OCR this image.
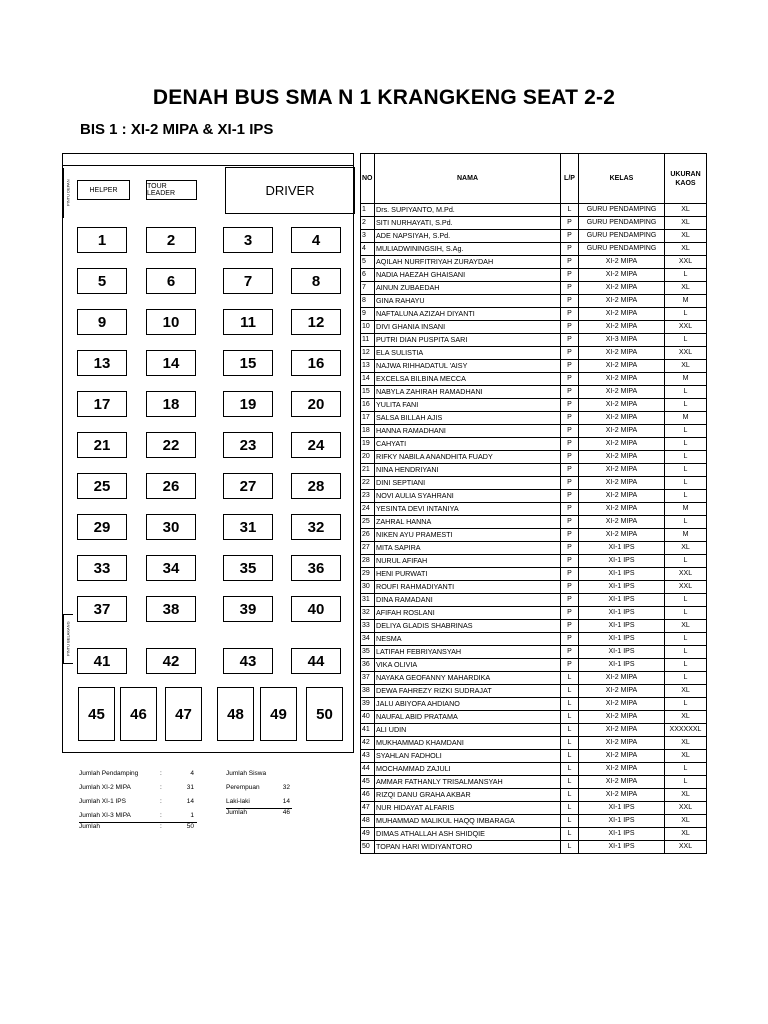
DENAH BUS SMA N 1 KRANGKENG SEAT 2-2
BIS 1 : XI-2 MIPA & XI-1 IPS
PINTU DEPAN
PINTU BELAKANG
HELPER	TOUR LEADER	DRIVER
1	2	3	4
5	6	7	8
9	10	11	12
13	14	15	16
17	18	19	20
21	22	23	24
25	26	27	28
29	30	31	32
33	34	35	36
37	38	39	40
41	42	43	44
45	46	47	48	49	50
Jumlah Pendamping	:	4
Jumlah XI-2 MIPA	:	31
Jumlah XI-1 IPS	:	14
Jumlah XI-3 MIPA	:	1
Jumlah	:	50
Jumlah Siswa
Perempuan	32
Laki-laki	14
Jumlah	46
NO	NAMA	L/P	KELAS	UKURAN KAOS
1	Drs. SUPIYANTO, M.Pd.	L	GURU PENDAMPING	XL
2	SITI NURHAYATI, S.Pd.	P	GURU PENDAMPING	XL
3	ADE NAPSIYAH, S.Pd.	P	GURU PENDAMPING	XL
4	MULIADWININGSIH, S.Ag.	P	GURU PENDAMPING	XL
5	AQILAH NURFITRIYAH ZURAYDAH	P	XI-2 MIPA	XXL
6	NADIA HAEZAH GHAISANI	P	XI-2 MIPA	L
7	AINUN ZUBAEDAH	P	XI-2 MIPA	XL
8	GINA RAHAYU	P	XI-2 MIPA	M
9	NAFTALUNA AZIZAH DIYANTI	P	XI-2 MIPA	L
10	DIVI GHANIA INSANI	P	XI-2 MIPA	XXL
11	PUTRI DIAN PUSPITA SARI	P	XI-3 MIPA	L
12	ELA SULISTIA	P	XI-2 MIPA	XXL
13	NAJWA RIHHADATUL 'AISY	P	XI-2 MIPA	XL
14	EXCELSA BILBINA MECCA	P	XI-2 MIPA	M
15	NABYLA ZAHIRAH RAMADHANI	P	XI-2 MIPA	L
16	YULITA FANI	P	XI-2 MIPA	L
17	SALSA BILLAH AJIS	P	XI-2 MIPA	M
18	HANNA RAMADHANI	P	XI-2 MIPA	L
19	CAHYATI	P	XI-2 MIPA	L
20	RIFKY NABILA ANANDHITA FUADY	P	XI-2 MIPA	L
21	NINA HENDRIYANI	P	XI-2 MIPA	L
22	DINI SEPTIANI	P	XI-2 MIPA	L
23	NOVI AULIA SYAHRANI	P	XI-2 MIPA	L
24	YESINTA DEVI INTANIYA	P	XI-2 MIPA	M
25	ZAHRAL HANNA	P	XI-2 MIPA	L
26	NIKEN AYU PRAMESTI	P	XI-2 MIPA	M
27	MITA SAPIRA	P	XI-1 IPS	XL
28	NURUL AFIFAH	P	XI-1 IPS	L
29	HENI PURWATI	P	XI-1 IPS	XXL
30	ROUFI RAHMADIYANTI	P	XI-1 IPS	XXL
31	DINA RAMADANI	P	XI-1 IPS	L
32	AFIFAH ROSLANI	P	XI-1 IPS	L
33	DELIYA GLADIS SHABRINAS	P	XI-1 IPS	XL
34	NESMA	P	XI-1 IPS	L
35	LATIFAH FEBRIYANSYAH	P	XI-1 IPS	L
36	VIKA OLIVIA	P	XI-1 IPS	L
37	NAYAKA GEOFANNY MAHARDIKA	L	XI-2 MIPA	L
38	DEWA FAHREZY RIZKI SUDRAJAT	L	XI-2 MIPA	XL
39	JALU ABIYOFA AHDIANO	L	XI-2 MIPA	L
40	NAUFAL ABID PRATAMA	L	XI-2 MIPA	XL
41	ALI UDIN	L	XI-2 MIPA	XXXXXXL
42	MUKHAMMAD KHAMDANI	L	XI-2 MIPA	XL
43	SYAHLAN FADHOLI	L	XI-2 MIPA	XL
44	MOCHAMMAD ZAJULI	L	XI-2 MIPA	L
45	AMMAR FATHANLY TRISALMANSYAH	L	XI-2 MIPA	L
46	RIZQI DANU GRAHA AKBAR	L	XI-2 MIPA	XL
47	NUR HIDAYAT ALFARIS	L	XI-1 IPS	XXL
48	MUHAMMAD MALIKUL HAQQ IMBARAGA	L	XI-1 IPS	XL
49	DIMAS ATHALLAH ASH SHIDQIE	L	XI-1 IPS	XL
50	TOPAN HARI WIDIYANTORO	L	XI-1 IPS	XXL
